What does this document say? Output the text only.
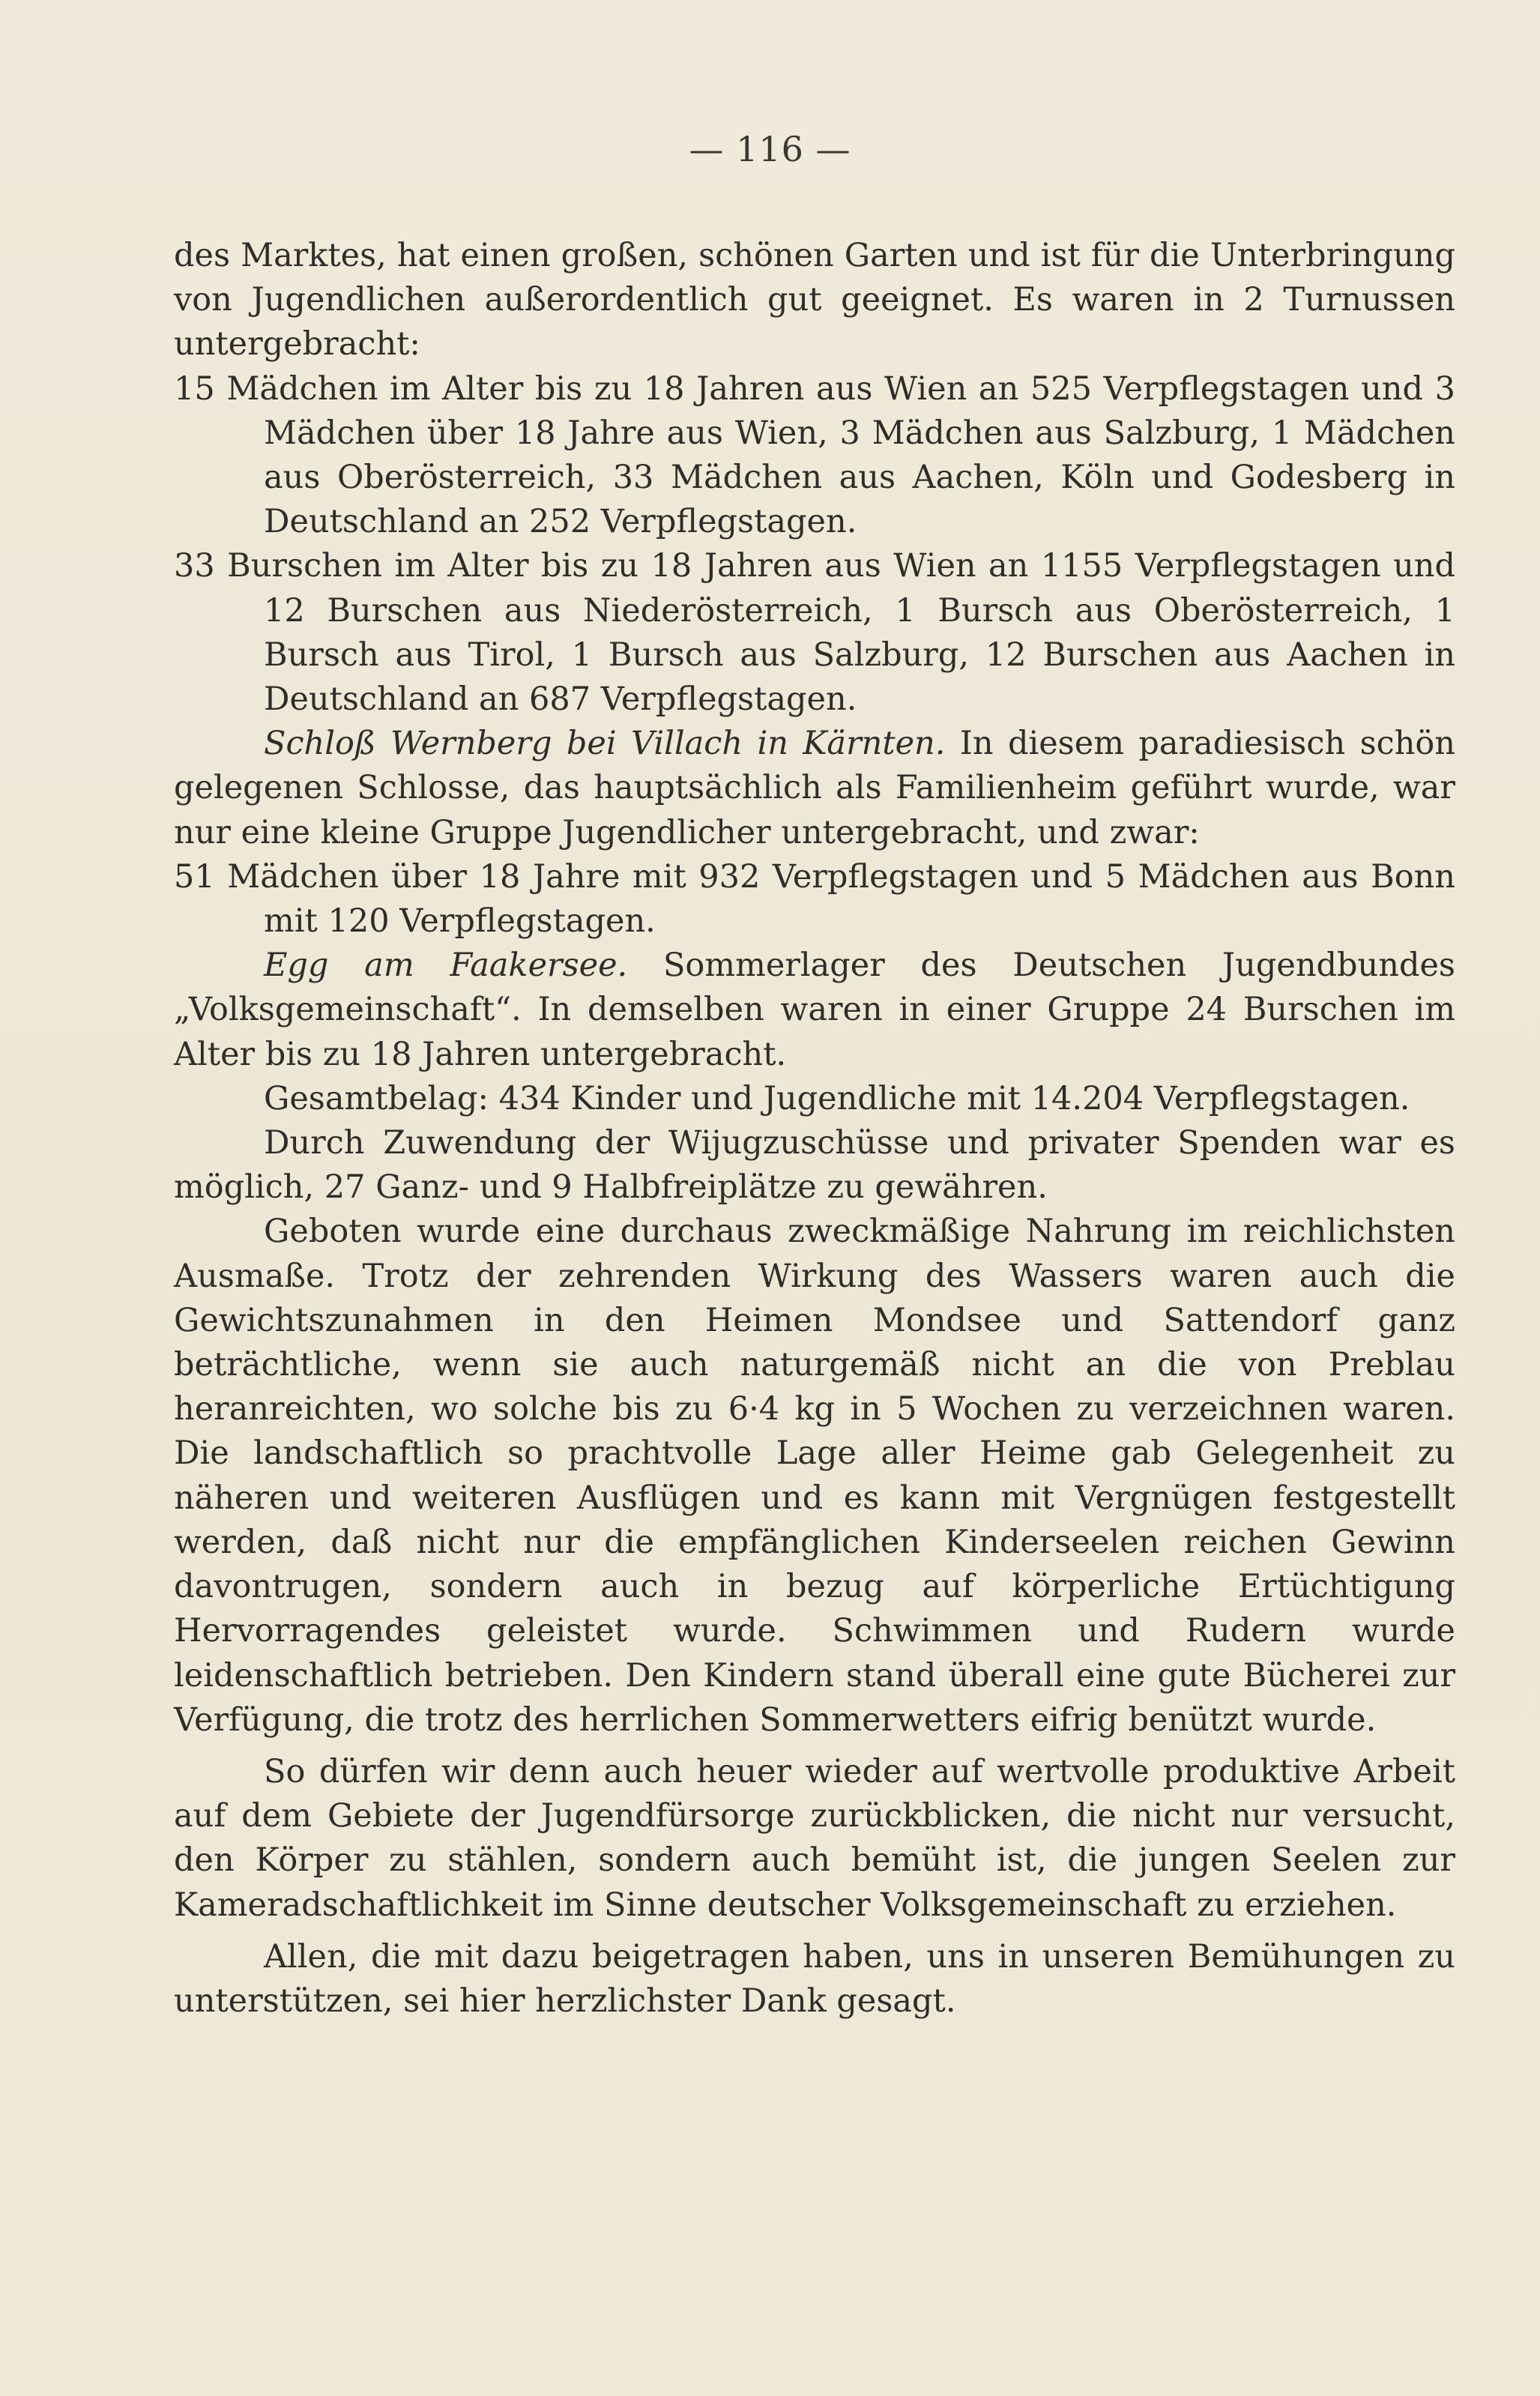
— 116 —

des Marktes, hat einen großen, schönen Garten und ist für die Unterbringung von Jugendlichen außerordentlich gut geeignet. Es waren in 2 Turnussen untergebracht:

15 Mädchen im Alter bis zu 18 Jahren aus Wien an 525 Verpflegstagen und 3 Mädchen über 18 Jahre aus Wien, 3 Mädchen aus Salzburg, 1 Mädchen aus Oberösterreich, 33 Mädchen aus Aachen, Köln und Godesberg in Deutschland an 252 Verpflegstagen.

33 Burschen im Alter bis zu 18 Jahren aus Wien an 1155 Verpflegstagen und 12 Burschen aus Niederösterreich, 1 Bursch aus Oberösterreich, 1 Bursch aus Tirol, 1 Bursch aus Salzburg, 12 Burschen aus Aachen in Deutschland an 687 Verpflegstagen.

Schloß Wernberg bei Villach in Kärnten. In diesem paradiesisch schön gelegenen Schlosse, das hauptsächlich als Familienheim geführt wurde, war nur eine kleine Gruppe Jugendlicher untergebracht, und zwar:

51 Mädchen über 18 Jahre mit 932 Verpflegstagen und 5 Mädchen aus Bonn mit 120 Verpflegstagen.

Egg am Faakersee. Sommerlager des Deutschen Jugendbundes „Volksgemeinschaft“. In demselben waren in einer Gruppe 24 Burschen im Alter bis zu 18 Jahren untergebracht.

Gesamtbelag: 434 Kinder und Jugendliche mit 14.204 Verpflegstagen.

Durch Zuwendung der Wijugzuschüsse und privater Spenden war es möglich, 27 Ganz- und 9 Halbfreiplätze zu gewähren.

Geboten wurde eine durchaus zweckmäßige Nahrung im reichlichsten Ausmaße. Trotz der zehrenden Wirkung des Wassers waren auch die Gewichtszunahmen in den Heimen Mondsee und Sattendorf ganz beträchtliche, wenn sie auch naturgemäß nicht an die von Preblau heranreichten, wo solche bis zu 6·4 kg in 5 Wochen zu verzeichnen waren. Die landschaftlich so prachtvolle Lage aller Heime gab Gelegenheit zu näheren und weiteren Ausflügen und es kann mit Vergnügen festgestellt werden, daß nicht nur die empfänglichen Kinderseelen reichen Gewinn davontrugen, sondern auch in bezug auf körperliche Ertüchtigung Hervorragendes geleistet wurde. Schwimmen und Rudern wurde leidenschaftlich betrieben. Den Kindern stand überall eine gute Bücherei zur Verfügung, die trotz des herrlichen Sommerwetters eifrig benützt wurde.

So dürfen wir denn auch heuer wieder auf wertvolle produktive Arbeit auf dem Gebiete der Jugendfürsorge zurückblicken, die nicht nur versucht, den Körper zu stählen, sondern auch bemüht ist, die jungen Seelen zur Kameradschaftlichkeit im Sinne deutscher Volksgemeinschaft zu erziehen.

Allen, die mit dazu beigetragen haben, uns in unseren Bemühungen zu unterstützen, sei hier herzlichster Dank gesagt.
